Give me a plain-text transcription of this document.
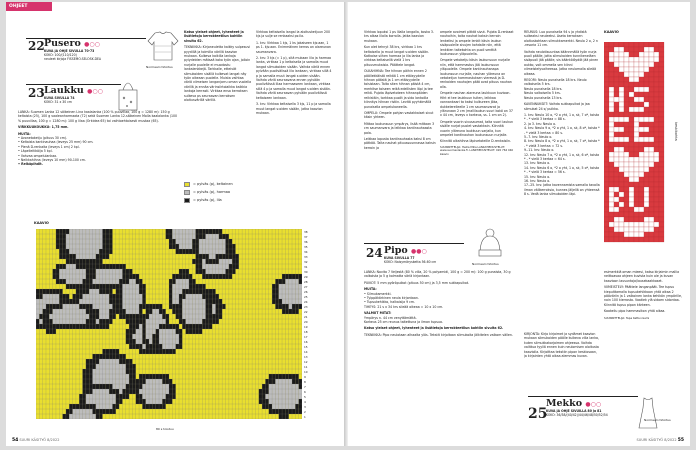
OHJEET
22 Pusero ●○○
KUVA JA OHJE SIVULLA 70-73
KOKO: 100/(110/120)
neuleet kirjoja FISSEMO.SELOSK.DEA
Normaali mitoitus
23 Laukku ●○○
KUVA SIVULLA 74
KOKO: 31 x 30 cm

LANKA: Suomen Lanka 12 säikeinen Lina kaalalanka (100 % puuvillaa, 100 g = 1280 m): 150 g keltaista (25), 100 g vaaleanharmaata (72) sekä Suomen Lanka 12-säikeinen Molla kaalalanka (100 % puuvillaa, 100 g = 1280 m): 100 g lilaa (Orkidea 65) tai vaihtoehtoisesti mustaa (65).

VIRKKUUKOUKKU: 1,75 mm.

MUITA:

• Avonetoketju (pituus 30 cm).
• Keltaista kantinauhaa (leveys 25 mm) 90 cm.
• Pienä D-renkaita (leveys 1 cm) 2 kpl.
• Läpelleitiköija 5 kpl.
• Vahvaa ompelulankaa.
• Neikkahihna (leveys 10 mm) 90-100 cm.
• Reikäpihdit.

Katso yleiset ohjeet, lyhenteet ja lisätietoja kerrokteetilun kohtiin sivulta 62.

TEKNIIKKA: Kirjoneuletta kaikky sulpesuvi pyydillä ja toimilla värillä kaavion mukaan. Kulkeva kaikilla lankoja pyiydeiden mätsaä koko työn ajan, jolloin nurjalle puolelle ei muodostu lankalenkkejä. Tarkkaile, etteivät silmukoiden sisällä kulkevat langat näy työn oikeaan puolelle. Muista vaihtaa väriä viimeisen langanjarru oman vuolella värillä ja ennäa värinsiirtoiaikka kaikkia lankoja kerrasti. Virkkaa ensa kerroksen sulkeva ps seuraavan kerroksen aloitusvärillä värillä.

Virkkaa keltaisella langal la aloitusketjuun 200 kjs ja sulje se renkaaksi ps:lla.

1. krs: Virkkaa 1 kjs, 1 ks jokaiseen kjs:aan, 1 ps 1. kjs:aan. Enimmäinen kerros on alareunan saumanvara.

2. krs: 3 kjs (= 1 p), sitä mukaan lila ja harmaa lanka, virkkaa 1 p keltaisella ja samalla muut langat silmukoiden sisään. Vaihda väriä ennen pylvään puolivälissä lila lankaan, virkkaa sillä 4 p ja samalla muut langat s:oiden sisään. Vaihda väriä seuraavana ennen pylvään puolivälissä lilaa harmaaseen lankaan, virkkaa sillä 4 p ja samalla muut langat s:oiden sisään. Vaihda väriä seuraavan pylvään puolivälissä keltaiseen lankaan.

3. krs: Virkkaa keltaisella 3 kjs, 11 p ja samalla muut langat s:oiden sisään, jatka kaavion mukaan.

= pylväs (p), keltainen
= pylväs (p), harmaa
= pylväs (p), lila
KAAVIO
80 s toistuu
54 SUURI KÄSITYÖ 8/2022
1
2
3
4
5
6
7
8
9
10
11
12
13
14
15
16
17
18
19
20
21
22
23
24
25
26
27
28
29
30
31
32
33
34
35
36
37
38

Virkkaa lopuksi 1 ps lilalla langalla, koska 3. krs alkaa lilalla korrolla. Jatka kaavion mukaan.

Kun olet tehnyt 38 krs, virkkaa 1 krs keltaisella ja muut langat s:oiden sisään. Katkaise siihen harmaa ja lila lanka ja virkkaa keltaisellä vielä 1 krs pituusmukaisia. Päättele langat.

OLKAHIHNA: Tee hihnan päihin ennen 2 päällekkäistä reikää 1 cm etäisyydelle hihnan päästä ja 1 cm etäisyydelle toisistaan. Taita siten hihnan päistä 4 cm, merkitse toiseen reikä edellisten läpi ja tee reikä. Pujota läpivetoteen hihnanpäiden reikistäin, torkkaa puolit ja sido lankoilla kiinnitys hihnan ristiin. Levitä pyyhkimällä punaisella ompelukoneella.

OMPELU: Ompele pohjan vastakkaiset sivut käsin yhteen.

Mittaa laukunsuun ympärys, lisää mittaan 3 cm saumanvara ja leikkaa kantinauhaasta pala.

Leikkaa lopusta kantinauhasta kaksi 8 cm pätkää. Taita nauhat pituussuunnassa kaksin kerroin ja

ompele avoimet pitkät sivut. Pujota D-renkaat nauhoihin, taita nauhat kaksin kerroin lenkeiksi ja ompele lenkit käsin laukun sisäpuolelle sivujen kohdalle niin, että lenkkien taitekohta on puoli senttiä laukunsuun yläpuolella.

Ompele vetoketju käsin laukunsuun nurjalle niin, että hammastus jää laukunsuun yläpuolelle. Ompele kantinauhanapa laukunsuun nurjalle, nauhan yläreuna on vetoketjun hammastuksen vieressä ja D-renkaiden nauhojen päät ovat pituus nauhan alla.

Ompele nauhan alareuna laukkuun kuvioon. Hiht ei tee laukkuun tuiten, leikkaa vonnankaari ta kaksi kulkureen Jöka, dukkelerelleelle 1 cm saumanvarat ja ylärunaan 2 cm (mallilaukun suuri kokö on 37 x 44 cm, leveys x korkeus, ss. 1 cm on 2).

Ompele vuorin sivusaumat, taita vuori laukun sisälle nurjat puolet vastakkain. Kiinnitä vuorin yläreuna laukkuun sarjalla, kun ompelet kantinauhan laukunsuun nurjalle.

Kiinnitä olkahihna läpivetoteille D-renkaisiin.

SUUNNITTELIJA: Heilla Milla LANKATIEDUSTELUT: www.suomenlanka.fi. LANKTIEDUSTELUT: 020 762 040 kaavio

24 Pipo ●●○
KUVA SIVULLA 77
KOKO: Naisymärysketta 56-60 cm	Normaali mitoitus

LANKA: Novita 7 Veljestä (80 % villa, 20 % polyamidi, 100 g = 200 m): 100 g punaista, 30 g valkoista ja 5 g kolmatta väriä kirjontaan.

PUIKOT: 5 mm pyöröpuikot (pituus 50 cm) ja 3,5 mm sukkapuikot.

MUITA:

• Silmukamerkki.
• Tylppäkärkinen neula kirjontaan.
• Tupsukehikko, halkaisija 9 cm.

TIHEYS: 21 s x 34 krs sileää oikeaa = 10 x 10 cm.

VALMIIT MITAT:
Ympärys n. 44 cm venyttämättä.

Korkeus 25 cm reunus taitettuna ja ilman tupsua.

Katso yleiset ohjeet, lyhenteet ja lisätietoja kerrokteetilun kohtiin sivulta 62.

TEKNIIKKA: Pipo neulotaan alhaalta ylös. Tekstit kirjoitaan silmukoita jälkitelen valkom vällen.

REUNUS: Luo punaisella 94 s ja yhdistä sulkeaksi neuleeksi. Aseta kerroksen aloituskohtaan silmukkamerkki. Neulo 2 o, 2 n -resoria 11 cm.

Vaihda neulotisuuntaa käännmällä työn nurja puoli päälle, jotta silmukoiden tunnikeneläen sisäpuoli jää päälle, sis kääntölöydöt jää pinen aukko, voit ommella sen kiinni viimeistelyvaiheessa. Jatka neulomalla sileää oikeaa.

RESORI: Neulo punaisella 18 krs. Neulo valkoisella 5 krs.
Neulo punaisella 18 krs.
Neulo valkoisella 5 krs.

Neulo punaisella 13 krs.

KAVENNUKSET: Vaihda sukkapuikot ja jaa silmukat 24 s/ puikko.

1. krs: Neulo 10 o, *2 o yht, 1 o, sk, 7 o*, toista * - * vielä 3 kertaa = 88 s.
2. ja 3. krs: Neulo o.
4. krs: Neulo 9 o, *2 o yht, 1 o, sk, 8 o*, toista * - * vielä 3 kertaa = 80 s.
5.-7. krs: Neulo o.
8. krs: Neulo 8 o, *2 o yht, 1 o, sk, 7 o*, toista * - * vielä 3 kertaa = 72 s.
9.-11. krs: Neulo o.
12. krs: Neulo 7 o, *2 o yht, 1 o, sk, 6 o*, toista * - * vielä 3 kertaa = 64 s.
13. krs: Neulo o.
14. krs: Neulo 6 o, *2 o yht, 1 o, sk, 5 o*, toista * - * vielä 3 kertaa = 56 s.
15. krs: Neulo o.
16. krs: Neulo o.
17.-25. krs: Jatka kavennamista samalla tavalla ilman välikerroksia, kunnes jäljellä on yhteensä 8 s. Vedä lanka silmukoiden läpi.

KIRJONTA: Kirjo kirjaimet ja sydämet kaavion mukaan silmukoiden päälle kulkeva villa lanka, kuten silmukkakorjaimen ohjeessa. Vaihda valittua tyyliä ennen kuin neulomisen aloitusta kaaviolla. Kirjoittaa tekstiin pipon keskiosaan, ja kirjainten yhtä aikaa alemmas kuvan.

KAAVIO
keskikohta

esimerkkiä oman mieesi, katso kirjaimin mallia neittoavaa ohjeen kuvista kuin ole ja kuvan kaavioon lausuntoja/lausekaakkoset.

VIIMEISTELY: Päättele langanpäät. Tee tupsu kiepuittamalla tupsukehikkoon yhtä aikaa 2 pääväriin ja 1 valkoinen lanka kehikön ympärille, noin 100 kierrosta. Vaatiek ylä sidoen sidontaa. Kiinnitä tupsu pipon kärkeen.

Kaakeliu pipo hammasikon yhtä aikaa.

SUUNNITTELIJA: Tepa Kettunniemi

25
Mekko ●○○
KUVA JA OHJE SIVUILLA 80 ja 81
KOKO: 36/38/(40/42)/44/46/48/50/52/54
Normaali mitoitus
SUURI KÄSITYÖ 8/2022 55
